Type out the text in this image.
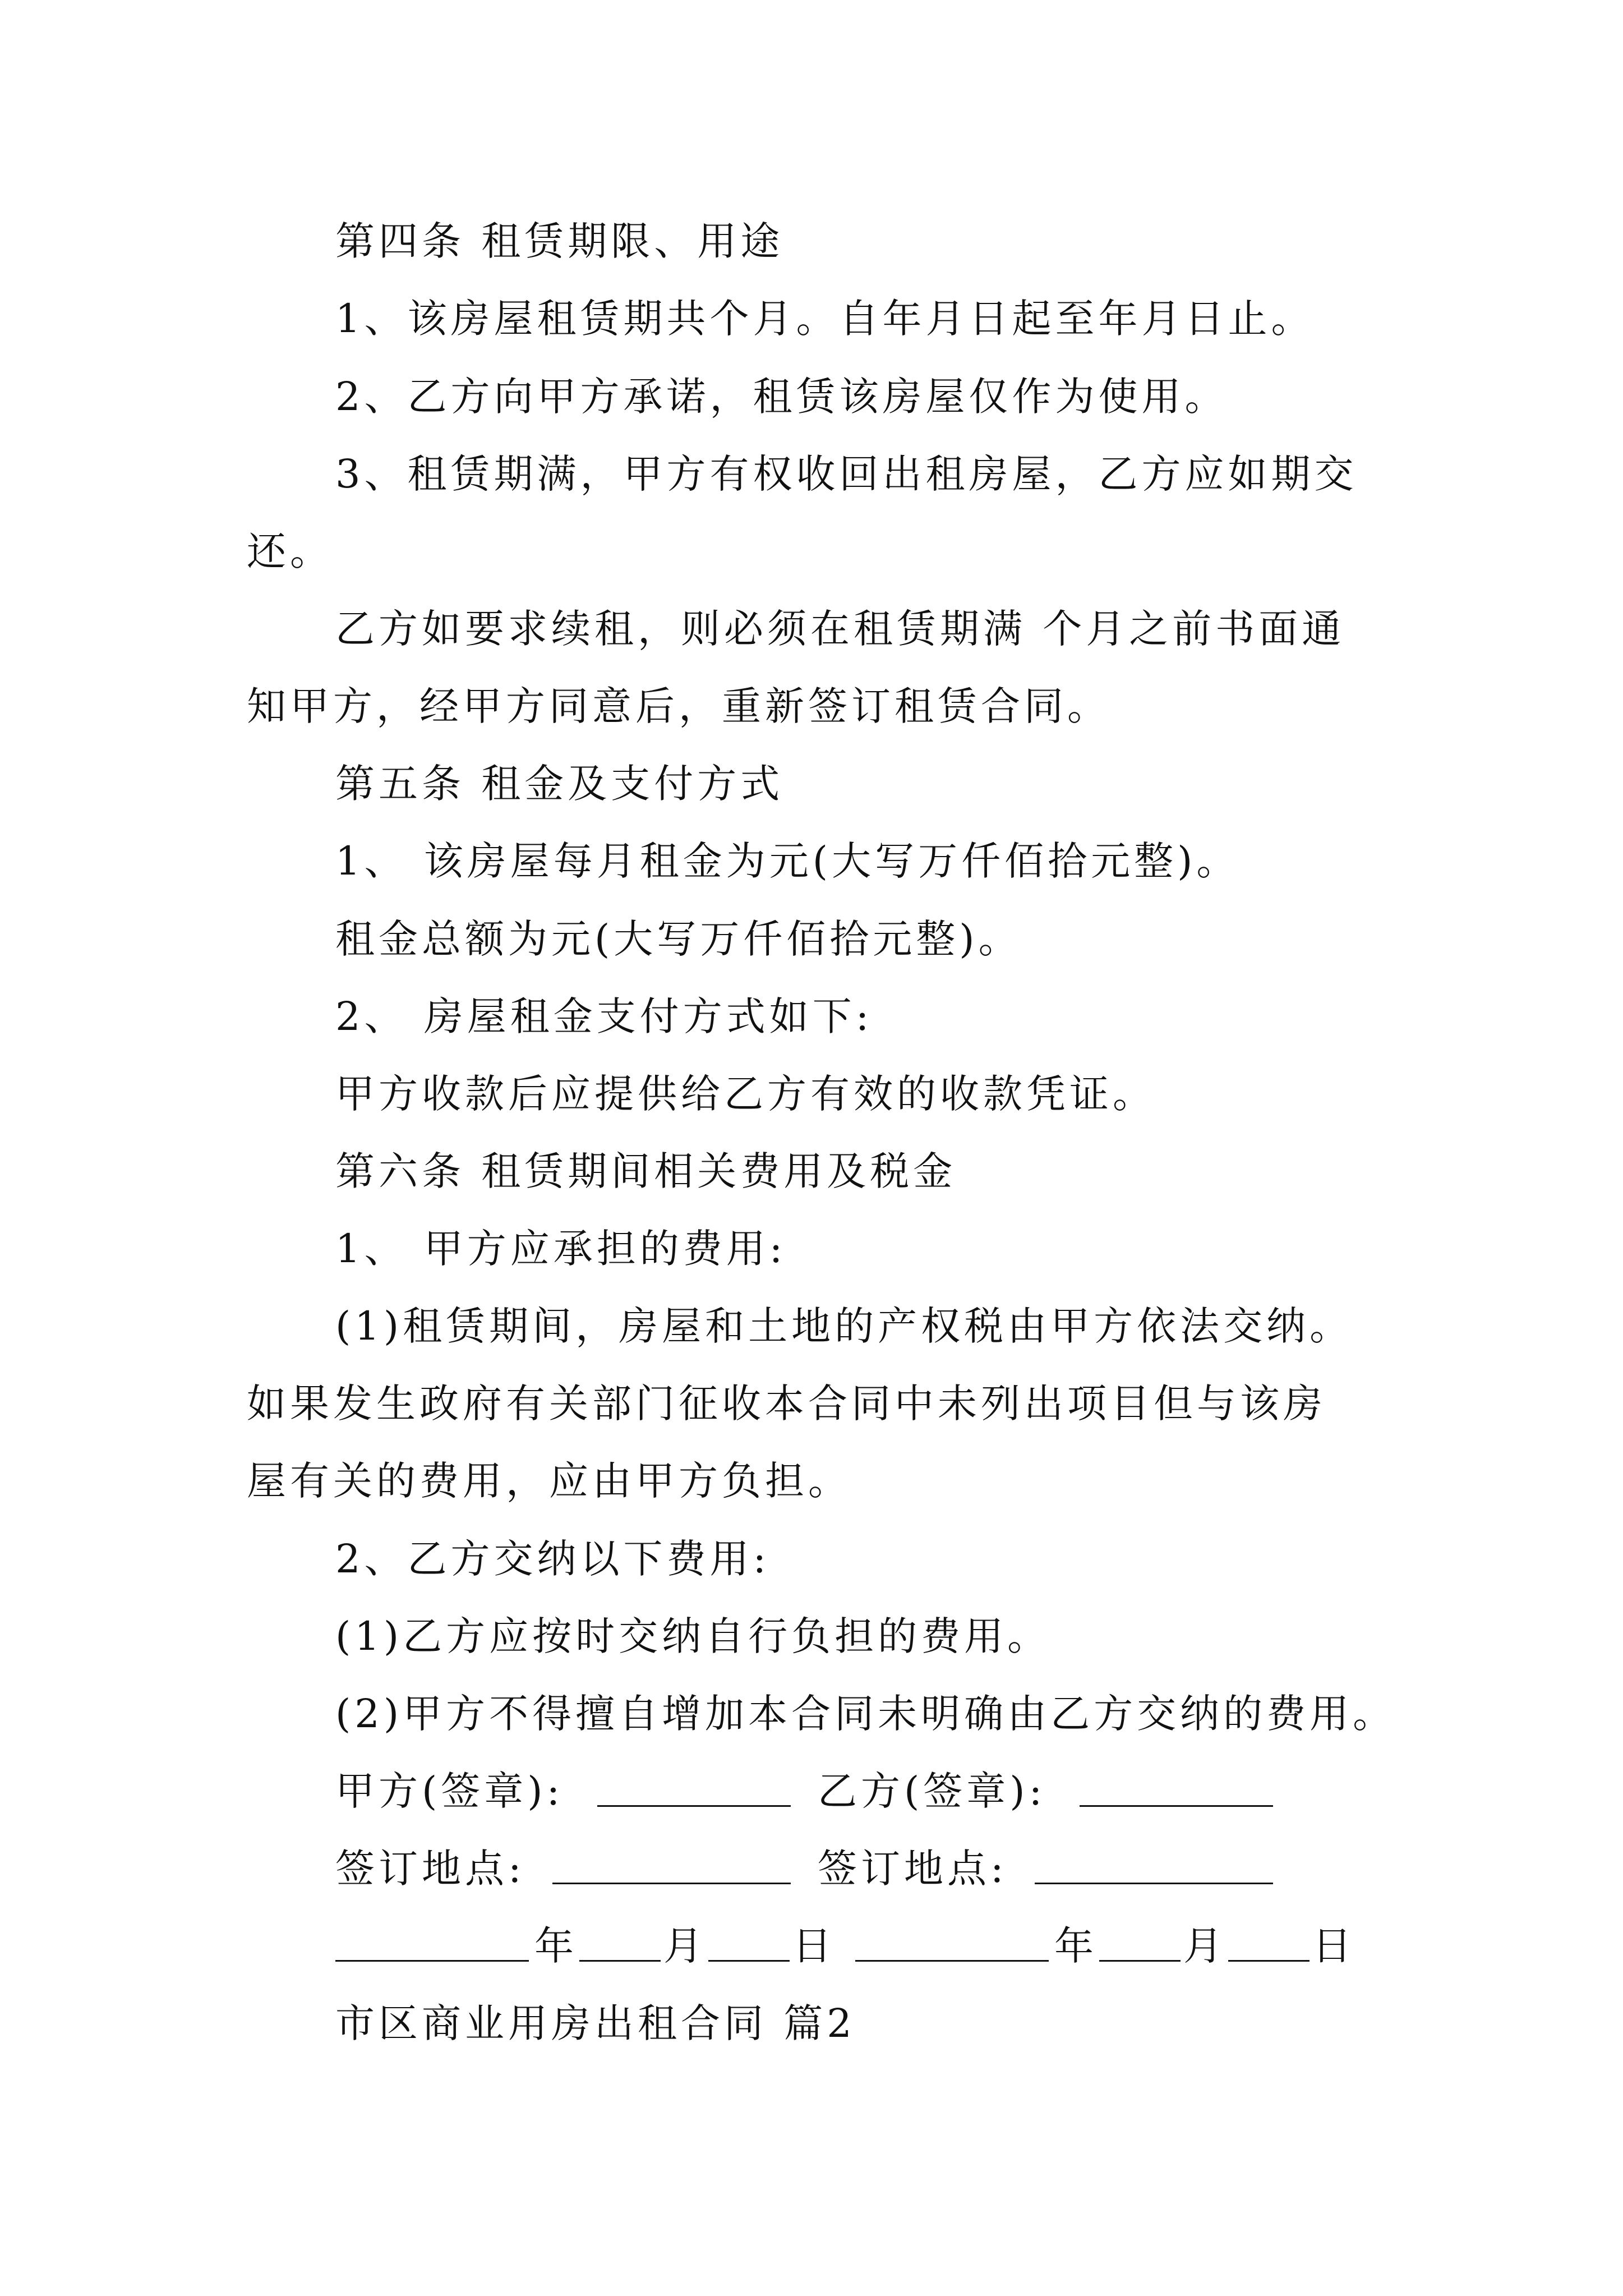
第四条 租赁期限、用途
1、该房屋租赁期共个月。自年月日起至年月日止。
2、乙方向甲方承诺，租赁该房屋仅作为使用。
3、租赁期满，甲方有权收回出租房屋，乙方应如期交
还。
乙方如要求续租，则必须在租赁期满 个月之前书面通
知甲方，经甲方同意后，重新签订租赁合同。
第五条 租金及支付方式
1、 该房屋每月租金为元(大写万仟佰拾元整)。
租金总额为元(大写万仟佰拾元整)。
2、 房屋租金支付方式如下:
甲方收款后应提供给乙方有效的收款凭证。
第六条 租赁期间相关费用及税金
1、 甲方应承担的费用:
(1)租赁期间，房屋和土地的产权税由甲方依法交纳。
如果发生政府有关部门征收本合同中未列出项目但与该房
屋有关的费用，应由甲方负担。
2、乙方交纳以下费用:
(1)乙方应按时交纳自行负担的费用。
(2)甲方不得擅自增加本合同未明确由乙方交纳的费用。
甲方(签章):	乙方(签章):
签订地点:	签订地点:
年 月 日	年 月 日
市区商业用房出租合同 篇2
